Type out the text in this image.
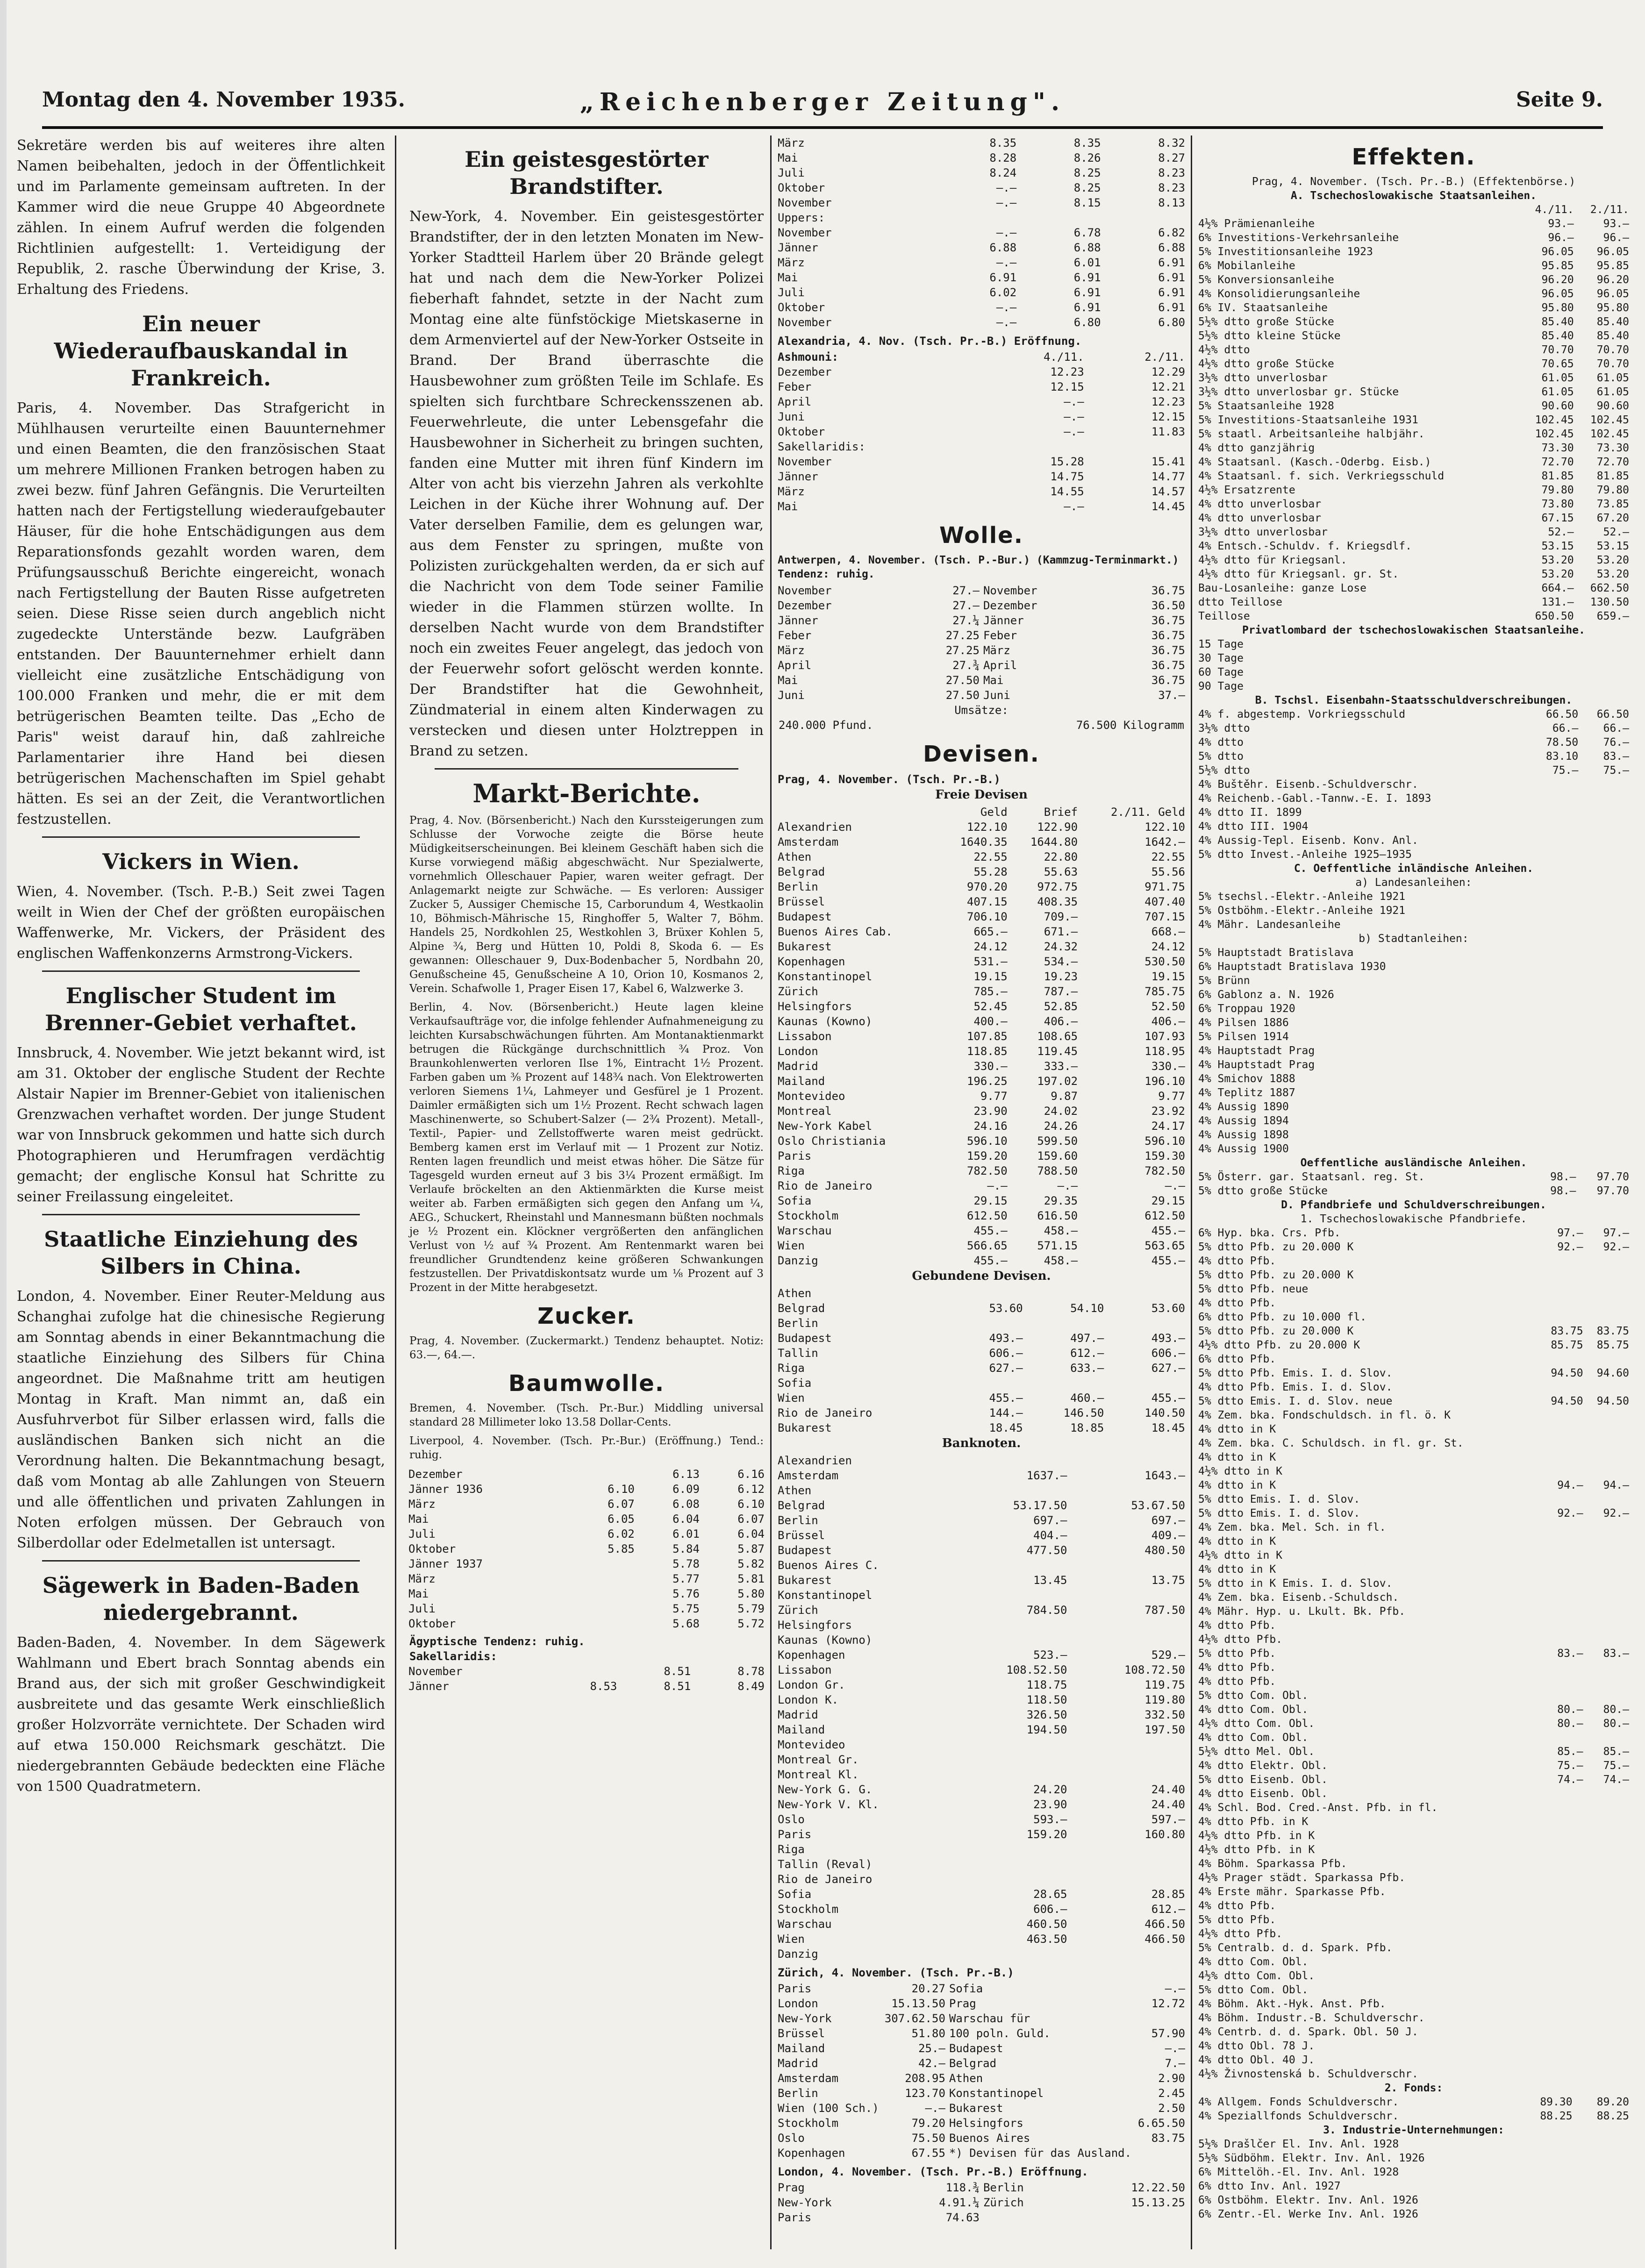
„Reichenberger Zeitung".
Montag den 4. November 1935.	Seite 9.

Sekretäre werden bis auf weiteres ihre alten Namen beibehalten, jedoch in der Öffentlichkeit und im Parlamente gemeinsam auftreten. In der Kammer wird die neue Gruppe 40 Abgeordnete zählen. In einem Aufruf werden die folgenden Richtlinien aufgestellt: 1. Verteidigung der Republik, 2. rasche Überwindung der Krise, 3. Erhaltung des Friedens.

Ein neuer Wiederaufbauskandal in Frankreich.

Paris, 4. November. Das Strafgericht in Mühlhausen verurteilte einen Bauunternehmer und einen Beamten, die den französischen Staat um mehrere Millionen Franken betrogen haben zu zwei bezw. fünf Jahren Gefängnis. Die Verurteilten hatten nach der Fertigstellung wiederaufgebauter Häuser, für die hohe Entschädigungen aus dem Reparationsfonds gezahlt worden waren, dem Prüfungsausschuß Berichte eingereicht, wonach nach Fertigstellung der Bauten Risse aufgetreten seien. Diese Risse seien durch angeblich nicht zugedeckte Unterstände bezw. Laufgräben entstanden. Der Bauunternehmer erhielt dann vielleicht eine zusätzliche Entschädigung von 100.000 Franken und mehr, die er mit dem betrügerischen Beamten teilte. Das „Echo de Paris" weist darauf hin, daß zahlreiche Parlamentarier ihre Hand bei diesen betrügerischen Machenschaften im Spiel gehabt hätten. Es sei an der Zeit, die Verantwortlichen festzustellen.

Vickers in Wien.

Wien, 4. November. (Tsch. P.-B.) Seit zwei Tagen weilt in Wien der Chef der größten europäischen Waffenwerke, Mr. Vickers, der Präsident des englischen Waffenkonzerns Armstrong-Vickers.

Englischer Student im Brenner-Gebiet verhaftet.

Innsbruck, 4. November. Wie jetzt bekannt wird, ist am 31. Oktober der englische Student der Rechte Alstair Napier im Brenner-Gebiet von italienischen Grenzwachen verhaftet worden. Der junge Student war von Innsbruck gekommen und hatte sich durch Photographieren und Herumfragen verdächtig gemacht; der englische Konsul hat Schritte zu seiner Freilassung eingeleitet.

Staatliche Einziehung des Silbers in China.

London, 4. November. Einer Reuter-Meldung aus Schanghai zufolge hat die chinesische Regierung am Sonntag abends in einer Bekanntmachung die staatliche Einziehung des Silbers für China angeordnet. Die Maßnahme tritt am heutigen Montag in Kraft. Man nimmt an, daß ein Ausfuhrverbot für Silber erlassen wird, falls die ausländischen Banken sich nicht an die Verordnung halten. Die Bekanntmachung besagt, daß vom Montag ab alle Zahlungen von Steuern und alle öffentlichen und privaten Zahlungen in Noten erfolgen müssen. Der Gebrauch von Silberdollar oder Edelmetallen ist untersagt.

Sägewerk in Baden-Baden niedergebrannt.

Baden-Baden, 4. November. In dem Sägewerk Wahlmann und Ebert brach Sonntag abends ein Brand aus, der sich mit großer Geschwindigkeit ausbreitete und das gesamte Werk einschließlich großer Holzvorräte vernichtete. Der Schaden wird auf etwa 150.000 Reichsmark geschätzt. Die niedergebrannten Gebäude bedeckten eine Fläche von 1500 Quadratmetern.

Ein geistesgestörter Brandstifter.

New-York, 4. November. Ein geistesgestörter Brandstifter, der in den letzten Monaten im New-Yorker Stadtteil Harlem über 20 Brände gelegt hat und nach dem die New-Yorker Polizei fieberhaft fahndet, setzte in der Nacht zum Montag eine alte fünfstöckige Mietskaserne in dem Armenviertel auf der New-Yorker Ostseite in Brand. Der Brand überraschte die Hausbewohner zum größten Teile im Schlafe. Es spielten sich furchtbare Schreckensszenen ab. Feuerwehrleute, die unter Lebensgefahr die Hausbewohner in Sicherheit zu bringen suchten, fanden eine Mutter mit ihren fünf Kindern im Alter von acht bis vierzehn Jahren als verkohlte Leichen in der Küche ihrer Wohnung auf. Der Vater derselben Familie, dem es gelungen war, aus dem Fenster zu springen, mußte von Polizisten zurückgehalten werden, da er sich auf die Nachricht von dem Tode seiner Familie wieder in die Flammen stürzen wollte. In derselben Nacht wurde von dem Brandstifter noch ein zweites Feuer angelegt, das jedoch von der Feuerwehr sofort gelöscht werden konnte. Der Brandstifter hat die Gewohnheit, Zündmaterial in einem alten Kinderwagen zu verstecken und diesen unter Holztreppen in Brand zu setzen.

Markt-Berichte.

Prag, 4. Nov. (Börsenbericht.) Nach den Kurssteigerungen zum Schlusse der Vorwoche zeigte die Börse heute Müdigkeitserscheinungen. Bei kleinem Geschäft haben sich die Kurse vorwiegend mäßig abgeschwächt. Nur Spezialwerte, vornehmlich Olleschauer Papier, waren weiter gefragt. Der Anlagemarkt neigte zur Schwäche. — Es verloren: Aussiger Zucker 5, Aussiger Chemische 15, Carborundum 4, Westkaolin 10, Böhmisch-Mährische 15, Ringhoffer 5, Walter 7, Böhm. Handels 25, Nordkohlen 25, Westkohlen 3, Brüxer Kohlen 5, Alpine ¾, Berg und Hütten 10, Poldi 8, Skoda 6. — Es gewannen: Olleschauer 9, Dux-Bodenbacher 5, Nordbahn 20, Genußscheine 45, Genußscheine A 10, Orion 10, Kosmanos 2, Verein. Schafwolle 1, Prager Eisen 17, Kabel 6, Walzwerke 3.

Berlin, 4. Nov. (Börsenbericht.) Heute lagen kleine Verkaufsaufträge vor, die infolge fehlender Aufnahmeneigung zu leichten Kursabschwächungen führten. Am Montanaktienmarkt betrugen die Rückgänge durchschnittlich ¾ Proz. Von Braunkohlenwerten verloren Ilse 1%, Eintracht 1½ Prozent. Farben gaben um ⅜ Prozent auf 148¾ nach. Von Elektrowerten verloren Siemens 1¼, Lahmeyer und Gesfürel je 1 Prozent. Daimler ermäßigten sich um 1½ Prozent. Recht schwach lagen Maschinenwerte, so Schubert-Salzer (— 2¾ Prozent). Metall-, Textil-, Papier- und Zellstoffwerte waren meist gedrückt. Bemberg kamen erst im Verlauf mit — 1 Prozent zur Notiz. Renten lagen freundlich und meist etwas höher. Die Sätze für Tagesgeld wurden erneut auf 3 bis 3¼ Prozent ermäßigt. Im Verlaufe bröckelten an den Aktienmärkten die Kurse meist weiter ab. Farben ermäßigten sich gegen den Anfang um ¼, AEG., Schuckert, Rheinstahl und Mannesmann büßten nochmals je ½ Prozent ein. Klöckner vergrößerten den anfänglichen Verlust von ½ auf ¾ Prozent. Am Rentenmarkt waren bei freundlicher Grundtendenz keine größeren Schwankungen festzustellen. Der Privatdiskontsatz wurde um ⅛ Prozent auf 3 Prozent in der Mitte herabgesetzt.

Zucker.

Prag, 4. November. (Zuckermarkt.) Tendenz behauptet. Notiz: 63.—, 64.—.

Baumwolle.

Bremen, 4. November. (Tsch. Pr.-Bur.) Middling universal standard 28 Millimeter loko 13.58 Dollar-Cents.

Liverpool, 4. November. (Tsch. Pr.-Bur.) (Eröffnung.) Tend.: ruhig.

Dezember		6.13	6.16
Jänner 1936	6.10	6.09	6.12
März	6.07	6.08	6.10
Mai	6.05	6.04	6.07
Juli	6.02	6.01	6.04
Oktober	5.85	5.84	5.87
Jänner 1937		5.78	5.82
März		5.77	5.81
Mai		5.76	5.80
Juli		5.75	5.79
Oktober		5.68	5.72
Ägyptische Tendenz: ruhig.
Sakellaridis:
November		8.51	8.78
Jänner	8.53	8.51	8.49
März	8.35	8.35	8.32
Mai	8.28	8.26	8.27
Juli	8.24	8.25	8.23
Oktober	—.—	8.25	8.23
November	—.—	8.15	8.13
Uppers:			
November	—.—	6.78	6.82
Jänner	6.88	6.88	6.88
März	—.—	6.01	6.91
Mai	6.91	6.91	6.91
Juli	6.02	6.91	6.91
Oktober	—.—	6.91	6.91
November	—.—	6.80	6.80
Alexandria, 4. Nov. (Tsch. Pr.-B.) Eröffnung.
Ashmouni:	4./11.	2./11.
Dezember	12.23	12.29
Feber	12.15	12.21
April	—.—	12.23
Juni	—.—	12.15
Oktober	—.—	11.83
Sakellaridis:		
November	15.28	15.41
Jänner	14.75	14.77
März	14.55	14.57
Mai	—.—	14.45
Wolle.
Antwerpen, 4. November. (Tsch. P.-Bur.) (Kammzug-Terminmarkt.) Tendenz: ruhig.
November	27.—	November	36.75
Dezember	27.—	Dezember	36.50
Jänner	27.¼	Jänner	36.75
Feber	27.25	Feber	36.75
März	27.25	März	36.75
April	27.¾	April	36.75
Mai	27.50	Mai	36.75
Juni	27.50	Juni	37.—
Umsätze:
240.000 Pfund.	76.500 Kilogramm
Devisen.
Prag, 4. November. (Tsch. Pr.-B.)
Freie Devisen
	Geld	Brief	2./11. Geld
Alexandrien	122.10	122.90	122.10
Amsterdam	1640.35	1644.80	1642.—
Athen	22.55	22.80	22.55
Belgrad	55.28	55.63	55.56
Berlin	970.20	972.75	971.75
Brüssel	407.15	408.35	407.40
Budapest	706.10	709.—	707.15
Buenos Aires Cab.	665.—	671.—	668.—
Bukarest	24.12	24.32	24.12
Kopenhagen	531.—	534.—	530.50
Konstantinopel	19.15	19.23	19.15
Zürich	785.—	787.—	785.75
Helsingfors	52.45	52.85	52.50
Kaunas (Kowno)	400.—	406.—	406.—
Lissabon	107.85	108.65	107.93
London	118.85	119.45	118.95
Madrid	330.—	333.—	330.—
Mailand	196.25	197.02	196.10
Montevideo	9.77	9.87	9.77
Montreal	23.90	24.02	23.92
New-York Kabel	24.16	24.26	24.17
Oslo Christiania	596.10	599.50	596.10
Paris	159.20	159.60	159.30
Riga	782.50	788.50	782.50
Rio de Janeiro	—.—	—.—	—.—
Sofia	29.15	29.35	29.15
Stockholm	612.50	616.50	612.50
Warschau	455.—	458.—	455.—
Wien	566.65	571.15	563.65
Danzig	455.—	458.—	455.—
Gebundene Devisen.
Athen			
Belgrad	53.60	54.10	53.60
Berlin			
Budapest	493.—	497.—	493.—
Tallin	606.—	612.—	606.—
Riga	627.—	633.—	627.—
Sofia			
Wien	455.—	460.—	455.—
Rio de Janeiro	144.—	146.50	140.50
Bukarest	18.45	18.85	18.45
Banknoten.
Alexandrien			
Amsterdam	1637.—		1643.—
Athen			
Belgrad	53.17.50		53.67.50
Berlin	697.—		697.—
Brüssel	404.—		409.—
Budapest	477.50		480.50
Buenos Aires C.			
Bukarest	13.45		13.75
Konstantinopel			
Zürich	784.50		787.50
Helsingfors			
Kaunas (Kowno)			
Kopenhagen	523.—		529.—
Lissabon	108.52.50		108.72.50
London Gr.	118.75		119.75
London K.	118.50		119.80
Madrid	326.50		332.50
Mailand	194.50		197.50
Montevideo			
Montreal Gr.			
Montreal Kl.			
New-York G. G.	24.20		24.40
New-York V. Kl.	23.90		24.40
Oslo	593.—		597.—
Paris	159.20		160.80
Riga			
Tallin (Reval)			
Rio de Janeiro			
Sofia	28.65		28.85
Stockholm	606.—		612.—
Warschau	460.50		466.50
Wien	463.50		466.50
Danzig			
Zürich, 4. November. (Tsch. Pr.-B.)
Paris	20.27	Sofia	—.—
London	15.13.50	Prag	12.72
New-York	307.62.50	Warschau für	
Brüssel	51.80	100 poln. Guld.	57.90
Mailand	25.—	Budapest	—.—
Madrid	42.—	Belgrad	7.—
Amsterdam	208.95	Athen	2.90
Berlin	123.70	Konstantinopel	2.45
Wien (100 Sch.)	—.—	Bukarest	2.50
Stockholm	79.20	Helsingfors	6.65.50
Oslo	75.50	Buenos Aires	83.75
Kopenhagen	67.55	*) Devisen für das Ausland.	
London, 4. November. (Tsch. Pr.-B.) Eröffnung.
Prag	118.¾	Berlin	12.22.50
New-York	4.91.¼	Zürich	15.13.25
Paris	74.63		
Effekten.
Prag, 4. November. (Tsch. Pr.-B.) (Effektenbörse.)
A. Tschechoslowakische Staatsanleihen.
	4./11.	2./11.
4½% Prämienanleihe	93.—	93.—
6% Investitions-Verkehrsanleihe	96.—	96.—
5% Investitionsanleihe 1923	96.05	96.05
6% Mobilanleihe	95.85	95.85
5% Konversionsanleihe	96.20	96.20
4% Konsolidierungsanleihe	96.05	96.05
6% IV. Staatsanleihe	95.80	95.80
5½% dtto große Stücke	85.40	85.40
5½% dtto kleine Stücke	85.40	85.40
4½% dtto	70.70	70.70
4½% dtto große Stücke	70.65	70.70
3½% dtto unverlosbar	61.05	61.05
3½% dtto unverlosbar gr. Stücke	61.05	61.05
5% Staatsanleihe 1928	90.60	90.60
5% Investitions-Staatsanleihe 1931	102.45	102.45
5% staatl. Arbeitsanleihe halbjähr.	102.45	102.45
4% dtto ganzjährig	73.30	73.30
4% Staatsanl. (Kasch.-Oderbg. Eisb.)	72.70	72.70
4% Staatsanl. f. sich. Verkriegsschuld	81.85	81.85
4½% Ersatzrente	79.80	79.80
4% dtto unverlosbar	73.80	73.85
4% dtto unverlosbar	67.15	67.20
3½% dtto unverlosbar	52.—	52.—
4% Entsch.-Schuldv. f. Kriegsdlf.	53.15	53.15
4½% dtto für Kriegsanl.	53.20	53.20
4½% dtto für Kriegsanl. gr. St.	53.20	53.20
Bau-Losanleihe: ganze Lose	664.—	662.50
dtto Teillose	131.—	130.50
Teillose	650.50	659.—
Privatlombard der tschechoslowakischen Staatsanleihe.
15 Tage		
30 Tage		
60 Tage		
90 Tage		
B. Tschsl. Eisenbahn-Staatsschuldverschreibungen.
4% f. abgestemp. Vorkriegsschuld	66.50	66.50
3½% dtto	66.—	66.—
4% dtto	78.50	76.—
5% dtto	83.10	83.—
5½% dtto	75.—	75.—
4% Buštěhr. Eisenb.-Schuldverschr.		
4% Reichenb.-Gabl.-Tannw.-E. I. 1893		
4% dtto II. 1899		
4% dtto III. 1904		
4% Aussig-Tepl. Eisenb. Konv. Anl.		
5% dtto Invest.-Anleihe 1925—1935		
C. Oeffentliche inländische Anleihen.
a) Landesanleihen:
5% tsechsl.-Elektr.-Anleihe 1921		
5% Ostböhm.-Elektr.-Anleihe 1921		
4% Mähr. Landesanleihe		
b) Stadtanleihen:
5% Hauptstadt Bratislava		
6% Hauptstadt Bratislava 1930		
5% Brünn		
6% Gablonz a. N. 1926		
6% Troppau 1920		
4% Pilsen 1886		
5% Pilsen 1914		
4% Hauptstadt Prag		
4% Hauptstadt Prag		
4% Smichov 1888		
4% Teplitz 1887		
4% Aussig 1890		
4% Aussig 1894		
4% Aussig 1898		
4% Aussig 1900		
Oeffentliche ausländische Anleihen.
5% Österr. gar. Staatsanl. reg. St.	98.—	97.70
5% dtto große Stücke	98.—	97.70
D. Pfandbriefe und Schuldverschreibungen.
1. Tschechoslowakische Pfandbriefe.
6% Hyp. bka. Crs. Pfb.	97.—	97.—
5% dtto Pfb. zu 20.000 K	92.—	92.—
4% dtto Pfb.		
5% dtto Pfb. zu 20.000 K		
5% dtto Pfb. neue		
4% dtto Pfb.		
6% dtto Pfb. zu 10.000 fl.		
5% dtto Pfb. zu 20.000 K	83.75	83.75
4½% dtto Pfb. zu 20.000 K	85.75	85.75
6% dtto Pfb.		
5% dtto Pfb. Emis. I. d. Slov.	94.50	94.60
4% dtto Pfb. Emis. I. d. Slov.		
5% dtto Emis. I. d. Slov. neue	94.50	94.50
4% Zem. bka. Fondschuldsch. in fl. ö. K		
4% dtto in K		
4% Zem. bka. C. Schuldsch. in fl. gr. St.		
4% dtto in K		
4½% dtto in K		
4% dtto in K	94.—	94.—
5% dtto Emis. I. d. Slov.		
5% dtto Emis. I. d. Slov.	92.—	92.—
4% Zem. bka. Mel. Sch. in fl.		
4% dtto in K		
4½% dtto in K		
4% dtto in K		
5% dtto in K Emis. I. d. Slov.		
4% Zem. bka. Eisenb.-Schuldsch.		
4% Mähr. Hyp. u. Lkult. Bk. Pfb.		
4% dtto Pfb.		
4½% dtto Pfb.		
5% dtto Pfb.	83.—	83.—
4% dtto Pfb.		
4% dtto Pfb.		
5% dtto Com. Obl.		
4% dtto Com. Obl.	80.—	80.—
4½% dtto Com. Obl.	80.—	80.—
4% dtto Com. Obl.		
5½% dtto Mel. Obl.	85.—	85.—
4% dtto Elektr. Obl.	75.—	75.—
5% dtto Eisenb. Obl.	74.—	74.—
4% dtto Eisenb. Obl.		
4% Schl. Bod. Cred.-Anst. Pfb. in fl.		
4% dtto Pfb. in K		
4½% dtto Pfb. in K		
4½% dtto Pfb. in K		
4% Böhm. Sparkassa Pfb.		
4½% Prager städt. Sparkassa Pfb.		
4% Erste mähr. Sparkasse Pfb.		
4% dtto Pfb.		
5% dtto Pfb.		
4½% dtto Pfb.		
5% Centralb. d. d. Spark. Pfb.		
4% dtto Com. Obl.		
4½% dtto Com. Obl.		
5% dtto Com. Obl.		
4% Böhm. Akt.-Hyk. Anst. Pfb.		
4% Böhm. Industr.-B. Schuldverschr.		
4% Centrb. d. d. Spark. Obl. 50 J.		
4% dtto Obl. 78 J.		
4% dtto Obl. 40 J.		
4½% Živnostenská b. Schuldverschr.		
2. Fonds:
4% Allgem. Fonds Schuldverschr.	89.30	89.20
4% Speziallfonds Schuldverschr.	88.25	88.25
3. Industrie-Unternehmungen:
5½% Drašlčer El. Inv. Anl. 1928		
5½% Südböhm. Elektr. Inv. Anl. 1926		
6% Mittelöh.-El. Inv. Anl. 1928		
6% dtto Inv. Anl. 1927		
6% Ostböhm. Elektr. Inv. Anl. 1926		
6% Zentr.-El. Werke Inv. Anl. 1926		
